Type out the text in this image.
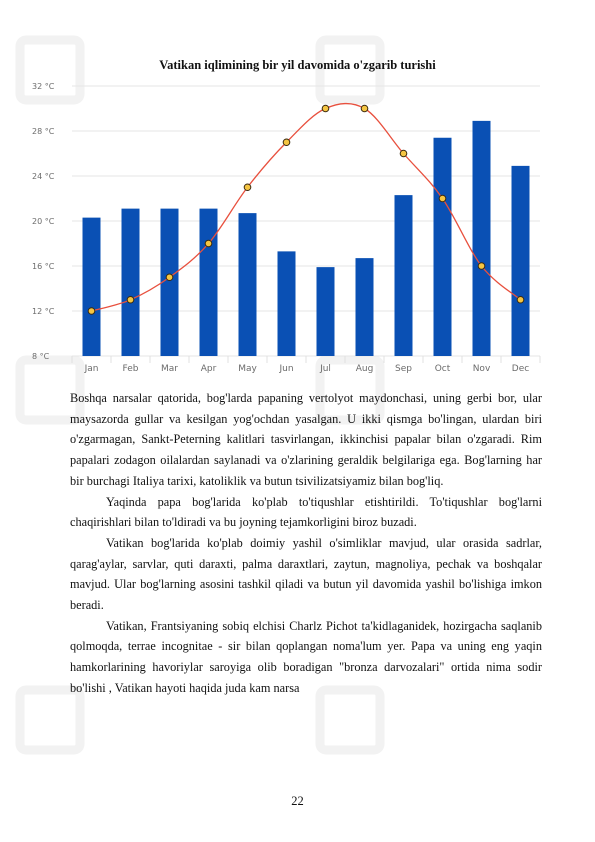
Vatikan iqlimining bir yil davomida o'zgarib turishi
8 °C
12 °C
16 °C
20 °C
24 °C
28 °C
32 °C
Jan	Feb	Mar	Apr May	Jun	Jul	Aug Sep	Oct Nov Dec

Boshqa narsalar qatorida, bog'larda papaning vertolyot maydonchasi, uning gerbi bor, ular maysazorda gullar va kesilgan yog'ochdan yasalgan. U ikki qismga bo'lingan, ulardan biri o'zgarmagan, Sankt-Peterning kalitlari tasvirlangan, ikkinchisi papalar bilan o'zgaradi. Rim papalari zodagon oilalardan saylanadi va o'zlarining geraldik belgilariga ega. Bog'larning har bir burchagi Italiya tarixi, katoliklik va butun tsivilizatsiyamiz bilan bog'liq.

Yaqinda papa bog'larida ko'plab to'tiqushlar etishtirildi. To'tiqushlar bog'larni chaqirishlari bilan to'ldiradi va bu joyning tejamkorligini biroz buzadi.

Vatikan bog'larida ko'plab doimiy yashil o'simliklar mavjud, ular orasida sadrlar, qarag'aylar, sarvlar, quti daraxti, palma daraxtlari, zaytun, magnoliya, pechak va boshqalar mavjud. Ular bog'larning asosini tashkil qiladi va butun yil davomida yashil bo'lishiga imkon beradi.

Vatikan, Frantsiyaning sobiq elchisi Charlz Pichot ta'kidlaganidek, hozirgacha saqlanib qolmoqda, terrae incognitae - sir bilan qoplangan noma'lum yer. Papa va uning eng yaqin hamkorlarining havoriylar saroyiga olib boradigan "bronza darvozalari" ortida nima sodir bo'lishi , Vatikan hayoti haqida juda kam narsa

22
